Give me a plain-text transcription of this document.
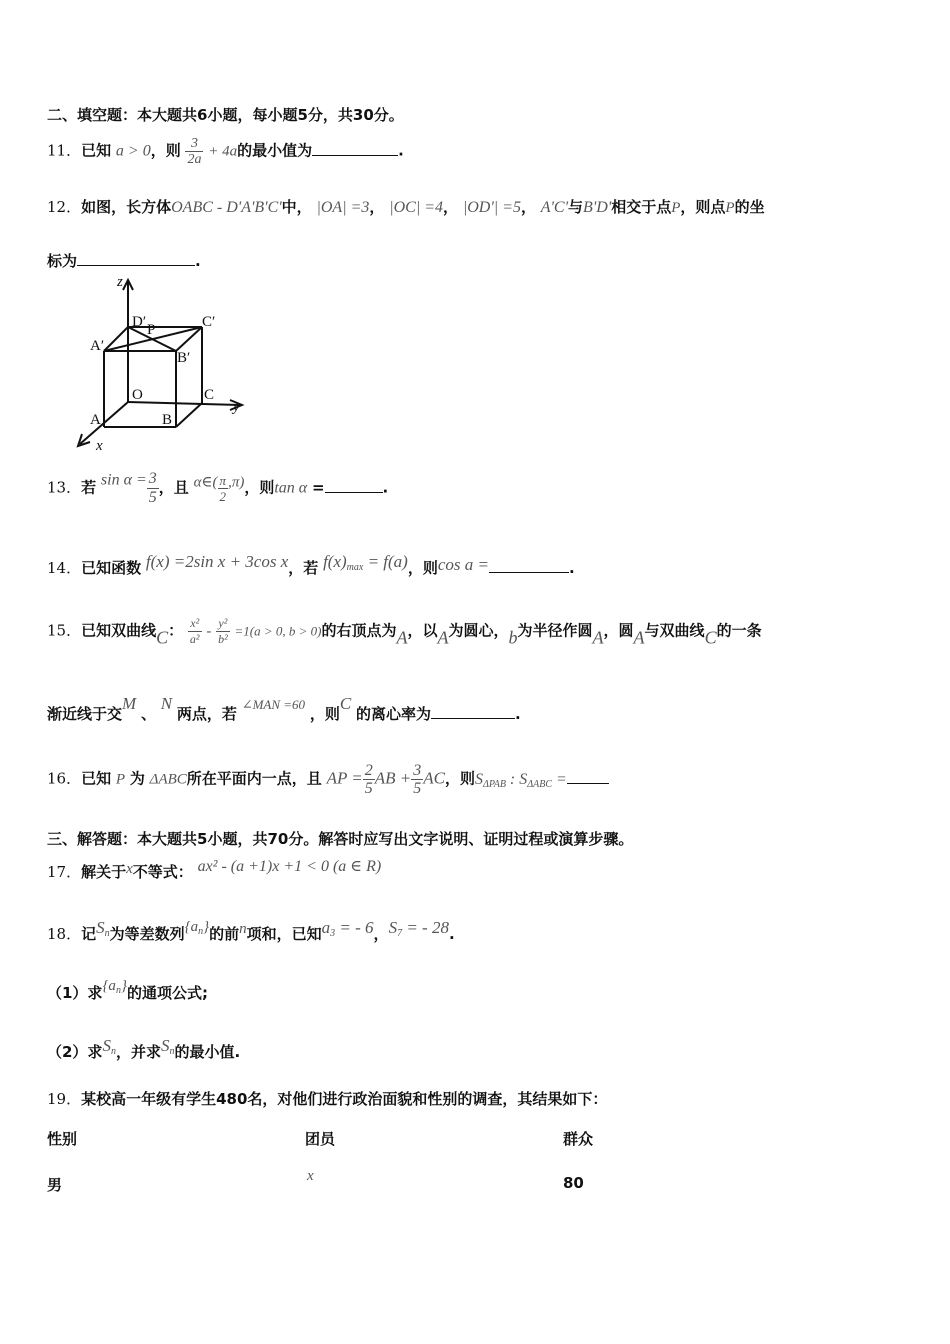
二、填空题：本大题共6小题，每小题5分，共30分。
11．已知 a > 0，则 $\frac{3}{2a} + 4a$的最小值为	.
12．如图，长方体OABC - D'A'B'C'中， |OA| =3， |OC| =4， |OD'| =5， A'C'与B'D'相交于点P，则点P的坐
标为	.
z
y
x
D′	C′
A′
B′
P
O	C
A	B
13．若 $\sin \alpha = \frac{3}{5}$ ，且 α∈( $\frac{\pi}{2} ,\pi$)，则tan α =	.
14．已知函数 f(x) =2sin x + 3cos x，若 $f(x)_{max} = f(a)$，则cos a =	.
15．已知双曲线C： $\frac{\text{x²}}{\text{a²}} - \frac{\text{y²}}{\text{b²}} =1(a > 0$, b > 0)的右顶点为A，以A为圆心，b为半径作圆A，圆A与双曲线C的一条
渐近线于交M 、 N 两点，若 ∠MAN =60 ，则C 的离心率为	.
16．已知 P 为 ΔABC所在平面内一点，且 AP = $\frac{2}{5}$ AB + $\frac{3}{5}$ AC，则$S_{\Delta PAB}$ : $S_{\Delta ABC}$ =
三、解答题：本大题共5小题，共70分。解答时应写出文字说明、证明过程或演算步骤。
17．解关于x不等式： ax² - (a +1)x +1 < 0 (a ∈ R)
18．记$S_n$为等差数列$\{a_n\}$的前n项和，已知$a_3$ = - 6，$S_7$ = - 28.
（1）求$\{a_n\}$的通项公式;
（2）求$S_n$，并求$S_n$的最小值.
19．某校高一年级有学生480名，对他们进行政治面貌和性别的调查，其结果如下：
性别	团员	群众
男	x	80
